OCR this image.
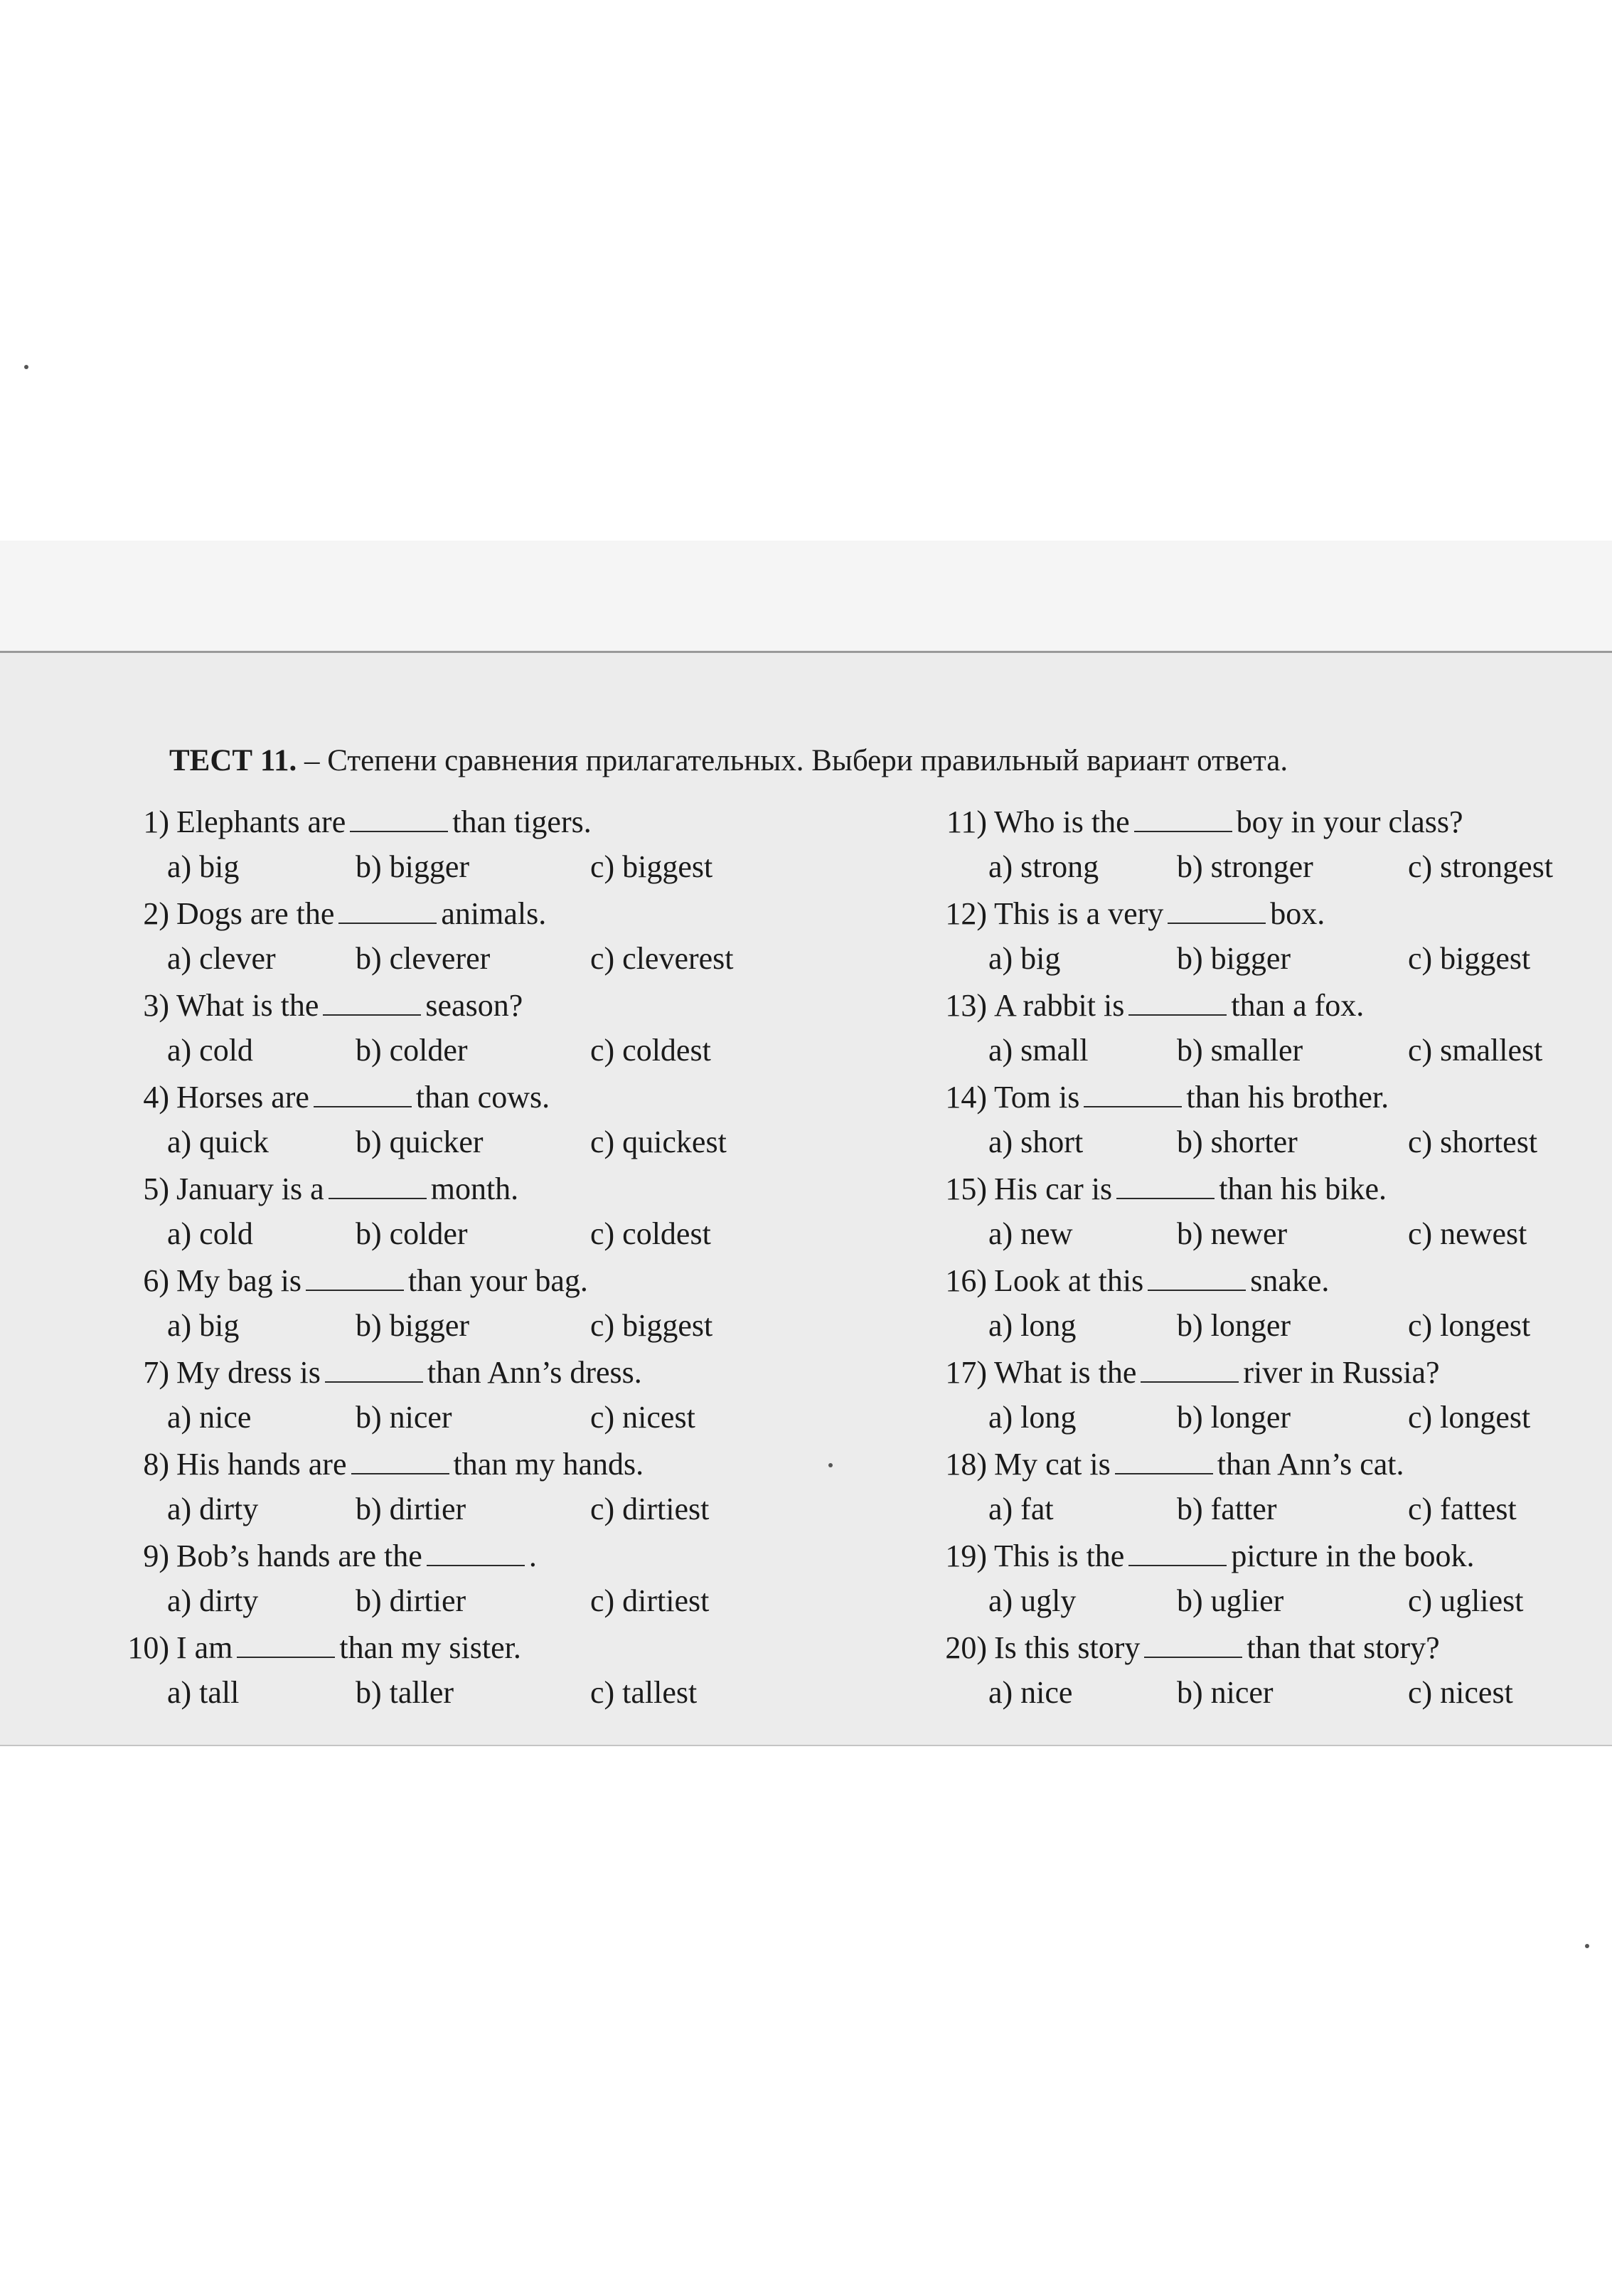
ТЕСТ 11. – Степени сравнения прилагательных. Выбери правильный вариант ответа.
1) Elephants are	than tigers.
a) big	b) bigger	c) biggest
2) Dogs are the	animals.
a) clever	b) cleverer	c) cleverest
3) What is the	season?
a) cold	b) colder	c) coldest
4) Horses are	than cows.
a) quick	b) quicker	c) quickest
5) January is a	month.
a) cold	b) colder	c) coldest
6) My bag is	than your bag.
a) big	b) bigger	c) biggest
7) My dress is	than Ann’s dress.
a) nice	b) nicer	c) nicest
8) His hands are	than my hands.
a) dirty	b) dirtier	c) dirtiest
9) Bob’s hands are the	.
a) dirty	b) dirtier	c) dirtiest
10) I am	than my sister.
a) tall	b) taller	c) tallest
11) Who is the	boy in your class?
a) strong b) stronger	c) strongest
12) This is a very	box.
a) big	b) bigger	c) biggest
13) A rabbit is	than a fox.
a) small	b) smaller	c) smallest
14) Tom is	than his brother.
a) short	b) shorter	c) shortest
15) His car is	than his bike.
a) new	b) newer	c) newest
16) Look at this	snake.
a) long	b) longer	c) longest
17) What is the	river in Russia?
a) long	b) longer	c) longest
18) My cat is	than Ann’s cat.
a) fat	b) fatter	c) fattest
19) This is the	picture in the book.
a) ugly	b) uglier	c) ugliest
20) Is this story	than that story?
a) nice	b) nicer	c) nicest
